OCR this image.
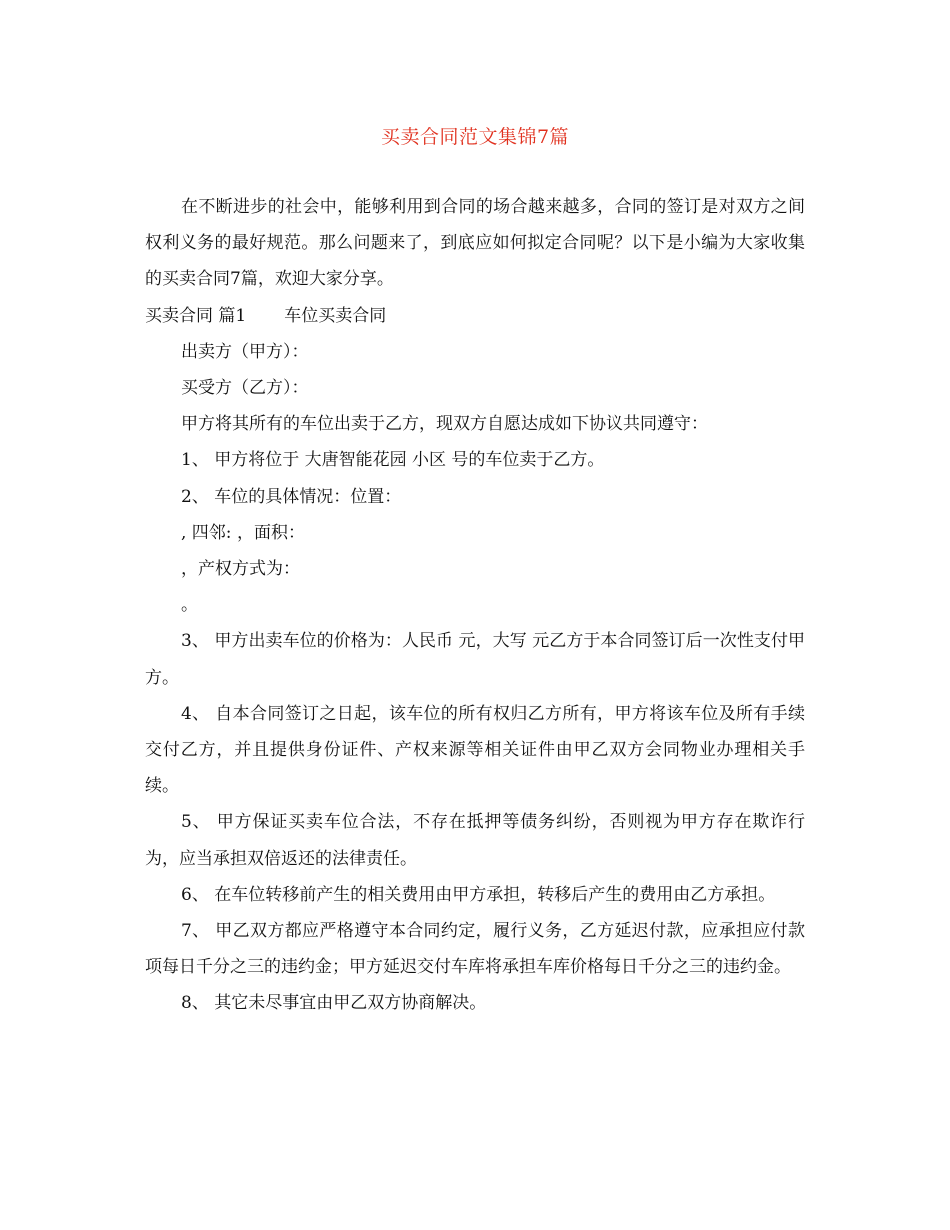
买卖合同范文集锦7篇

在不断进步的社会中，能够利用到合同的场合越来越多，合同的签订是对双方之间权利义务的最好规范。那么问题来了，到底应如何拟定合同呢？以下是小编为大家收集的买卖合同7篇，欢迎大家分享。

买卖合同 篇1 车位买卖合同

出卖方（甲方）：

买受方（乙方）：

甲方将其所有的车位出卖于乙方，现双方自愿达成如下协议共同遵守：

1、 甲方将位于 大唐智能花园 小区 号的车位卖于乙方。

2、 车位的具体情况：位置：

, 四邻: ，面积：

，产权方式为：

。

3、 甲方出卖车位的价格为：人民币 元，大写 元乙方于本合同签订后一次性支付甲方。

4、 自本合同签订之日起，该车位的所有权归乙方所有，甲方将该车位及所有手续交付乙方，并且提供身份证件、产权来源等相关证件由甲乙双方会同物业办理相关手续。

5、 甲方保证买卖车位合法，不存在抵押等债务纠纷，否则视为甲方存在欺诈行为，应当承担双倍返还的法律责任。

6、 在车位转移前产生的相关费用由甲方承担，转移后产生的费用由乙方承担。

7、 甲乙双方都应严格遵守本合同约定，履行义务，乙方延迟付款，应承担应付款项每日千分之三的违约金；甲方延迟交付车库将承担车库价格每日千分之三的违约金。

8、 其它未尽事宜由甲乙双方协商解决。
